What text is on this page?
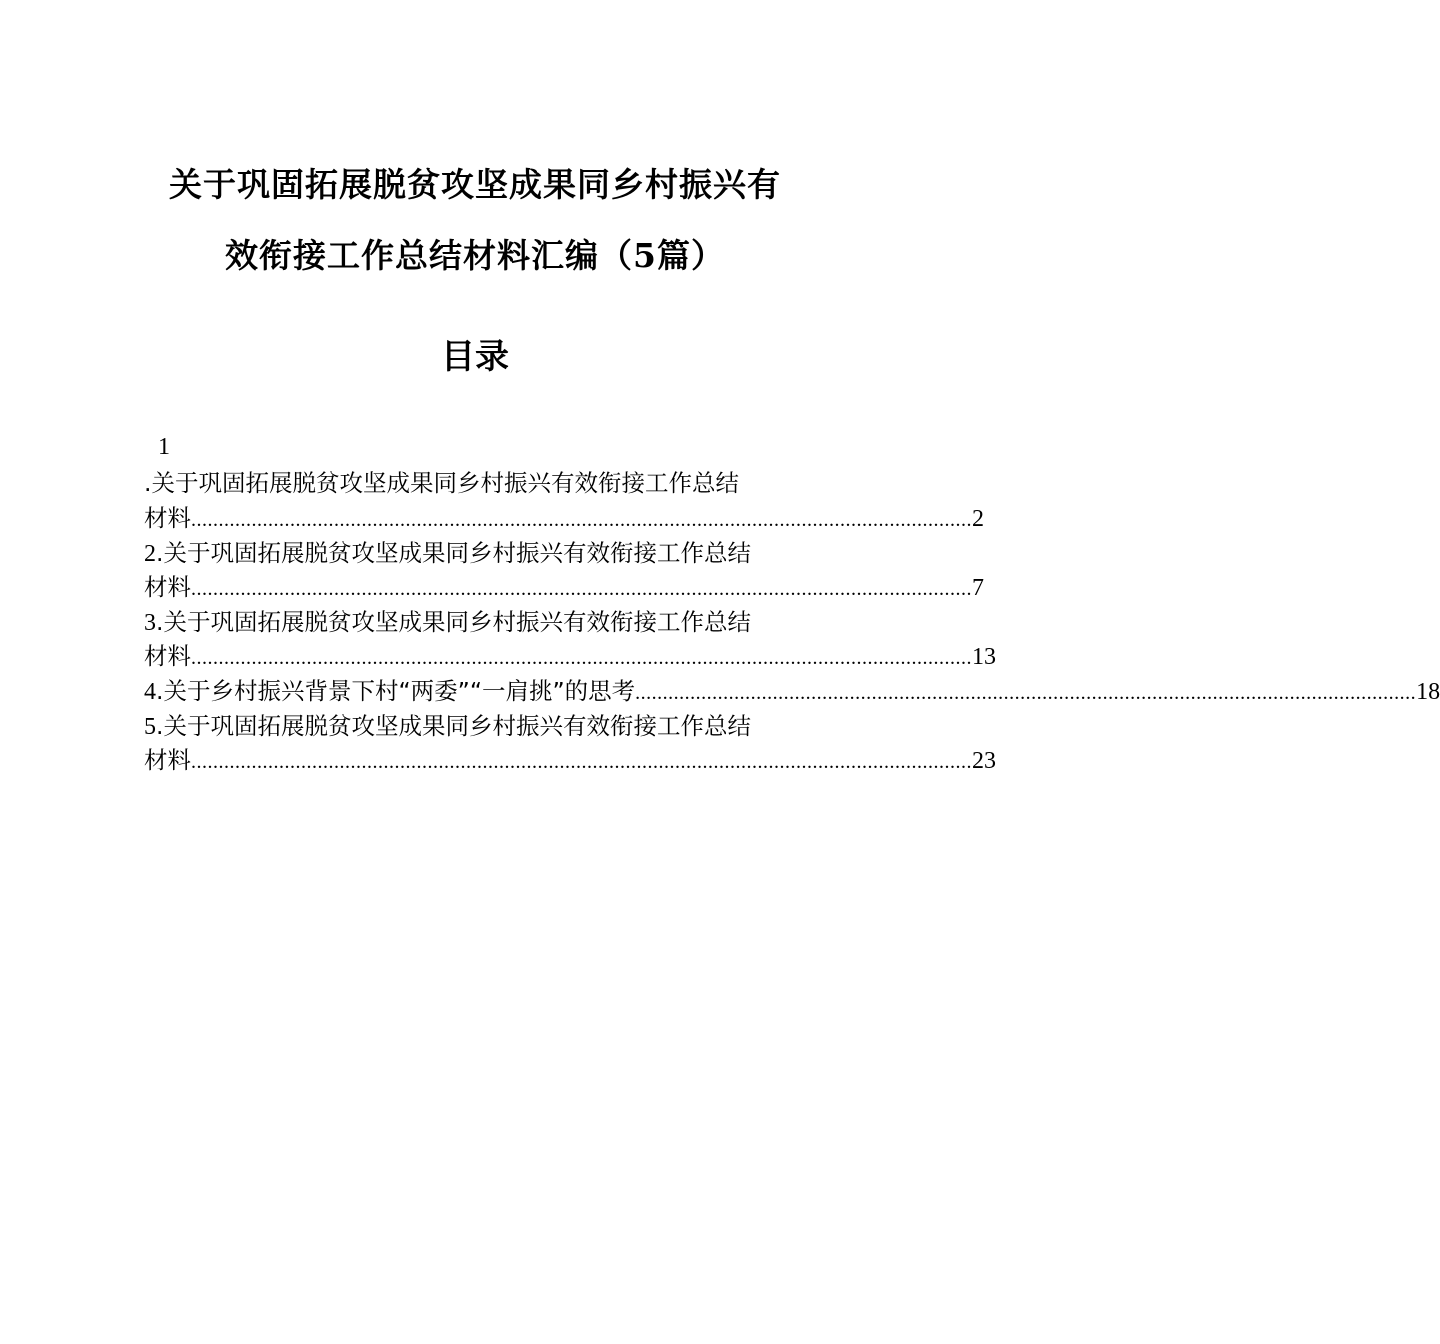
关于巩固拓展脱贫攻坚成果同乡村振兴有
效衔接工作总结材料汇编（5篇）
目录
1
.关于巩固拓展脱贫攻坚成果同乡村振兴有效衔接工作总结
材料 .............................................................................................................................................. 2
2.关于巩固拓展脱贫攻坚成果同乡村振兴有效衔接工作总结
材料 .............................................................................................................................................. 7
3.关于巩固拓展脱贫攻坚成果同乡村振兴有效衔接工作总结
材料 .............................................................................................................................................. 13
4.关于乡村振兴背景下村“两委”“一肩挑”的思考 .............................................................................................................................................. 18
5.关于巩固拓展脱贫攻坚成果同乡村振兴有效衔接工作总结
材料 .............................................................................................................................................. 23
